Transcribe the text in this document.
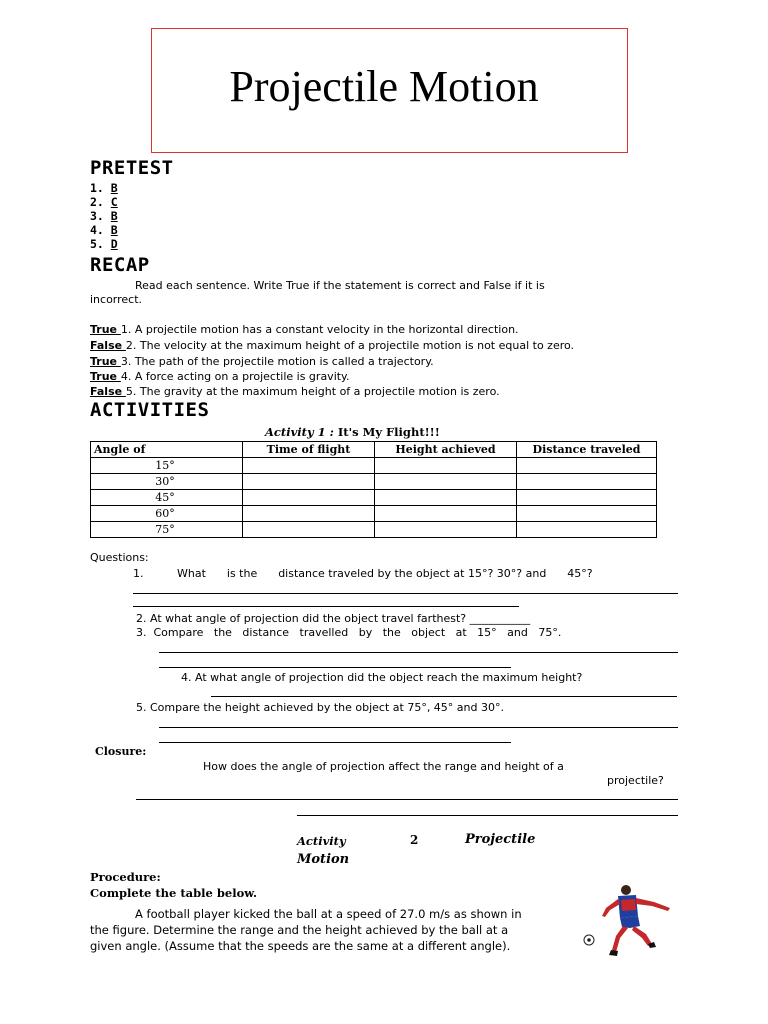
Projectile Motion
PRETEST
1. B
2. C
3. B
4. B
5. D
RECAP
Read each sentence. Write True if the statement is correct and False if it is
incorrect.
True 1. A projectile motion has a constant velocity in the horizontal direction.
False 2. The velocity at the maximum height of a projectile motion is not equal to zero.
True 3. The path of the projectile motion is called a trajectory.
True 4. A force acting on a projectile is gravity.
False 5. The gravity at the maximum height of a projectile motion is zero.
ACTIVITIES
Activity 1 : It's My Flight!!!
Angle of	Time of flight	Height achieved	Distance traveled
15°			
30°			
45°			
60°			
75°			
Questions:
1.	What      is the      distance traveled by the object at 15°? 30°? and      45°?
2. At what angle of projection did the object travel farthest? ___________
3.  Compare   the   distance   travelled   by   the   object   at   15°   and   75°.
4. At what angle of projection did the object reach the maximum height?
5. Compare the height achieved by the object at 75°, 45° and 30°.
Closure:
How does the angle of projection affect the range and height of a
projectile?
Activity	2	Projectile
Motion
Procedure:
Complete the table below.
A football player kicked the ball at a speed of 27.0 m/s as shown in
the figure. Determine the range and the height achieved by the ball at a
given angle. (Assume that the speeds are the same at a different angle).
